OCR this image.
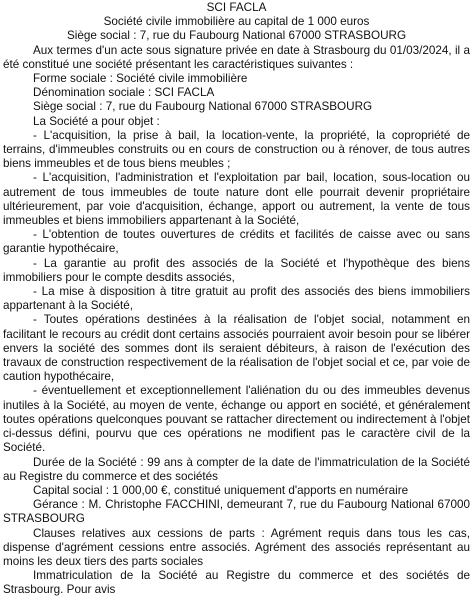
SCI FACLA

Société civile immobilière au capital de 1 000 euros

Siège social : 7, rue du Faubourg National 67000 STRASBOURG

Aux termes d'un acte sous signature privée en date à Strasbourg du 01/03/2024, il a été constitué une société présentant les caractéristiques suivantes :

Forme sociale : Société civile immobilière

Dénomination sociale : SCI FACLA

Siège social : 7, rue du Faubourg National 67000 STRASBOURG

La Société a pour objet :

- L'acquisition, la prise à bail, la location-vente, la propriété, la copropriété de terrains, d'immeubles construits ou en cours de construction ou à rénover, de tous autres biens immeubles et de tous biens meubles ;

- L'acquisition, l'administration et l'exploitation par bail, location, sous-location ou autrement de tous immeubles de toute nature dont elle pourrait devenir propriétaire ultérieurement, par voie d'acquisition, échange, apport ou autrement, la vente de tous immeubles et biens immobiliers appartenant à la Société,

- L'obtention de toutes ouvertures de crédits et facilités de caisse avec ou sans garantie hypothécaire,

- La garantie au profit des associés de la Société et l'hypothèque des biens immobiliers pour le compte desdits associés,

- La mise à disposition à titre gratuit au profit des associés des biens immobiliers appartenant à la Société,

- Toutes opérations destinées à la réalisation de l'objet social, notamment en facilitant le recours au crédit dont certains associés pourraient avoir besoin pour se libérer envers la société des sommes dont ils seraient débiteurs, à raison de l'exécution des travaux de construction respectivement de la réalisation de l'objet social et ce, par voie de caution hypothécaire,

- éventuellement et exceptionnellement l'aliénation du ou des immeubles devenus inutiles à la Société, au moyen de vente, échange ou apport en société, et généralement toutes opérations quelconques pouvant se rattacher directement ou indirectement à l'objet ci-dessus défini, pourvu que ces opérations ne modifient pas le caractère civil de la Société.

Durée de la Société : 99 ans à compter de la date de l'immatriculation de la Société au Registre du commerce et des sociétés

Capital social : 1 000,00 €, constitué uniquement d'apports en numéraire

Gérance : M. Christophe FACCHINI, demeurant 7, rue du Faubourg National 67000 STRASBOURG

Clauses relatives aux cessions de parts : Agrément requis dans tous les cas, dispense d'agrément cessions entre associés. Agrément des associés représentant au moins les deux tiers des parts sociales

Immatriculation de la Société au Registre du commerce et des sociétés de Strasbourg. Pour avis
